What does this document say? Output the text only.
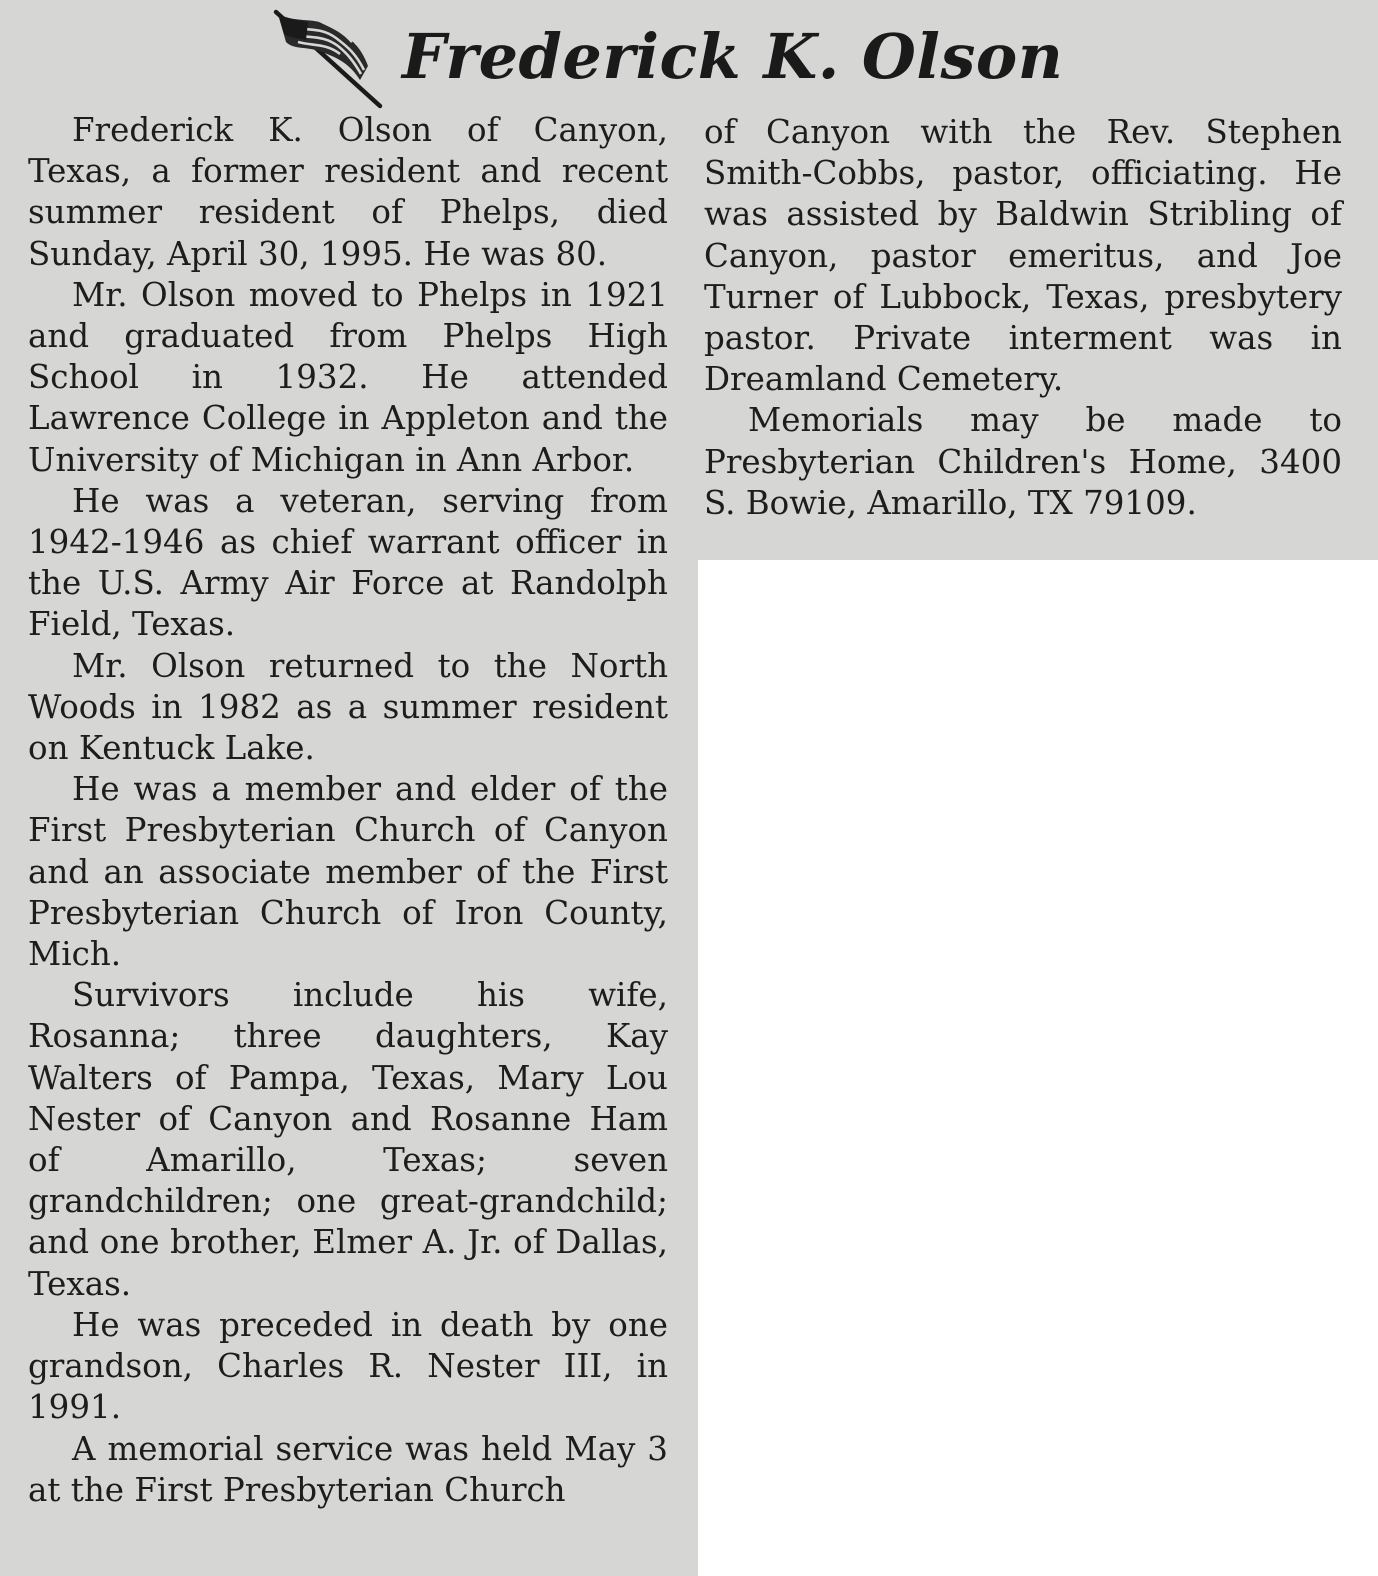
Frederick K. Olson

Frederick K. Olson of Canyon, Texas, a former resident and recent summer resident of Phelps, died Sunday, April 30, 1995. He was 80.

Mr. Olson moved to Phelps in 1921 and graduated from Phelps High School in 1932. He attended Lawrence College in Appleton and the University of Michigan in Ann Arbor.

He was a veteran, serving from 1942-1946 as chief warrant officer in the U.S. Army Air Force at Randolph Field, Texas.

Mr. Olson returned to the North Woods in 1982 as a summer resident on Kentuck Lake.

He was a member and elder of the First Presbyterian Church of Canyon and an associate member of the First Presbyterian Church of Iron County, Mich.

Survivors include his wife, Rosanna; three daughters, Kay Walters of Pampa, Texas, Mary Lou Nester of Canyon and Rosanne Ham of Amarillo, Texas; seven grandchildren; one great-grandchild; and one brother, Elmer A. Jr. of Dallas, Texas.

He was preceded in death by one grandson, Charles R. Nester III, in 1991.

A memorial service was held May 3 at the First Presbyterian Church

of Canyon with the Rev. Stephen Smith-Cobbs, pastor, officiating. He was assisted by Baldwin Stribling of Canyon, pastor emeritus, and Joe Turner of Lubbock, Texas, presbytery pastor. Private interment was in Dreamland Cemetery.

Memorials may be made to Presbyterian Children's Home, 3400 S. Bowie, Amarillo, TX 79109.
